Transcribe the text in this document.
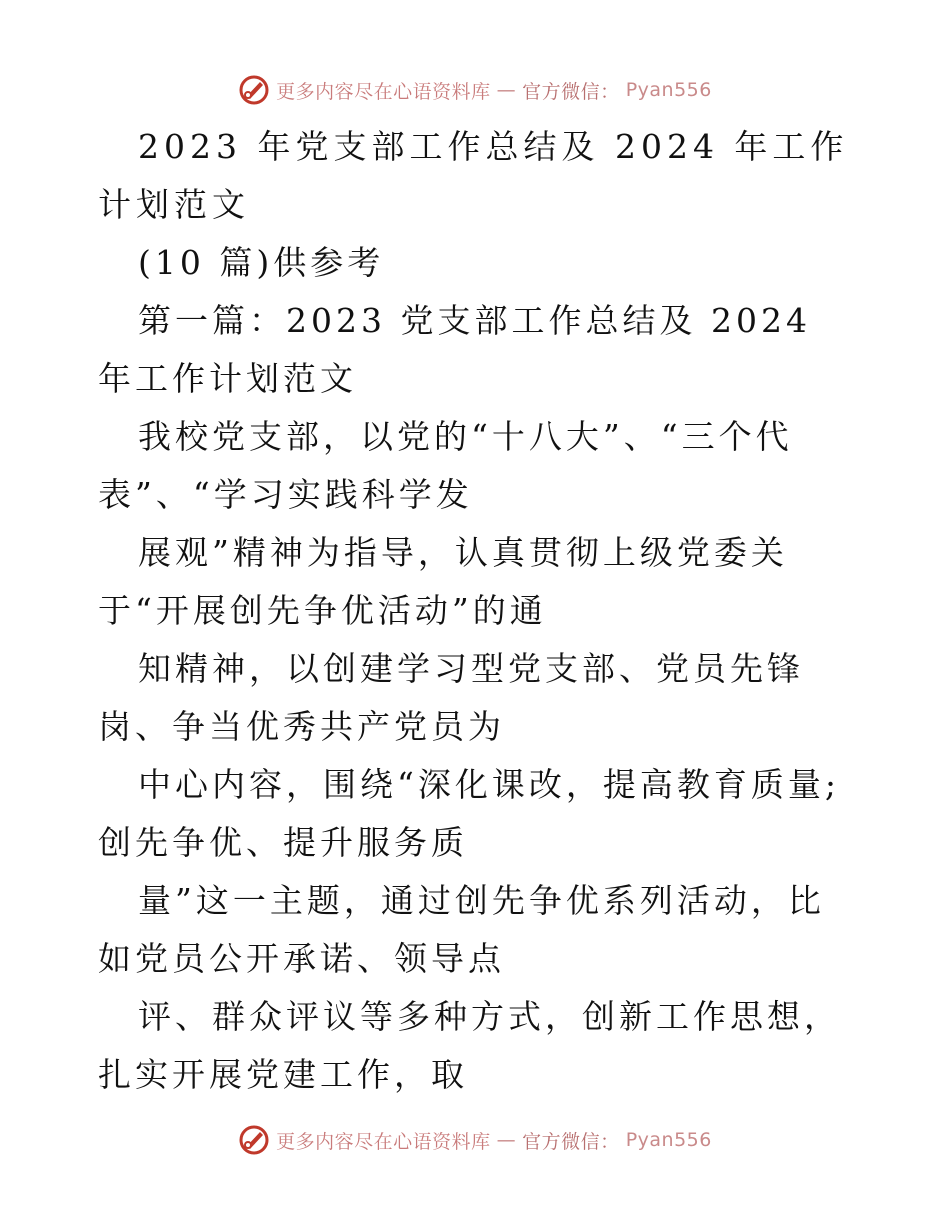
更多内容尽在心语资料库 — 官方微信： Pyan556

2023 年党支部工作总结及 2024 年工作计划范文

(10 篇)供参考

第一篇：2023 党支部工作总结及 2024 年工作计划范文

我校党支部，以党的“十八大”、“三个代表”、“学习实践科学发

展观”精神为指导，认真贯彻上级党委关于“开展创先争优活动”的通

知精神，以创建学习型党支部、党员先锋岗、争当优秀共产党员为

中心内容，围绕“深化课改，提高教育质量;创先争优、提升服务质

量”这一主题，通过创先争优系列活动，比如党员公开承诺、领导点

评、群众评议等多种方式，创新工作思想，扎实开展党建工作，取

更多内容尽在心语资料库 — 官方微信： Pyan556
